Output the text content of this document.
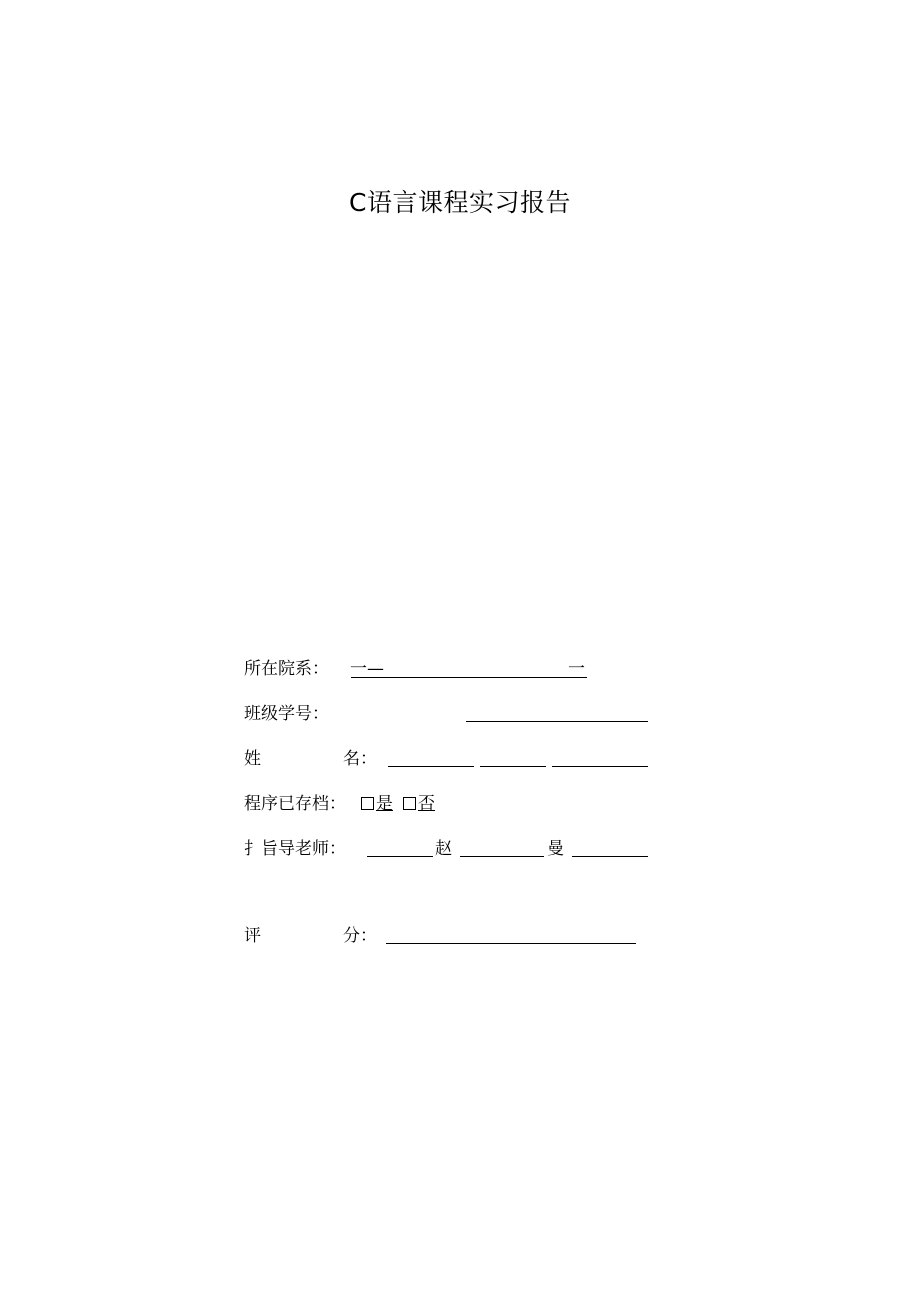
C语言课程实习报告
所在院系： 一—	一
班级学号：
姓	名：
程序已存档：	是 否
扌旨导老师：	赵	曼
评	分：
